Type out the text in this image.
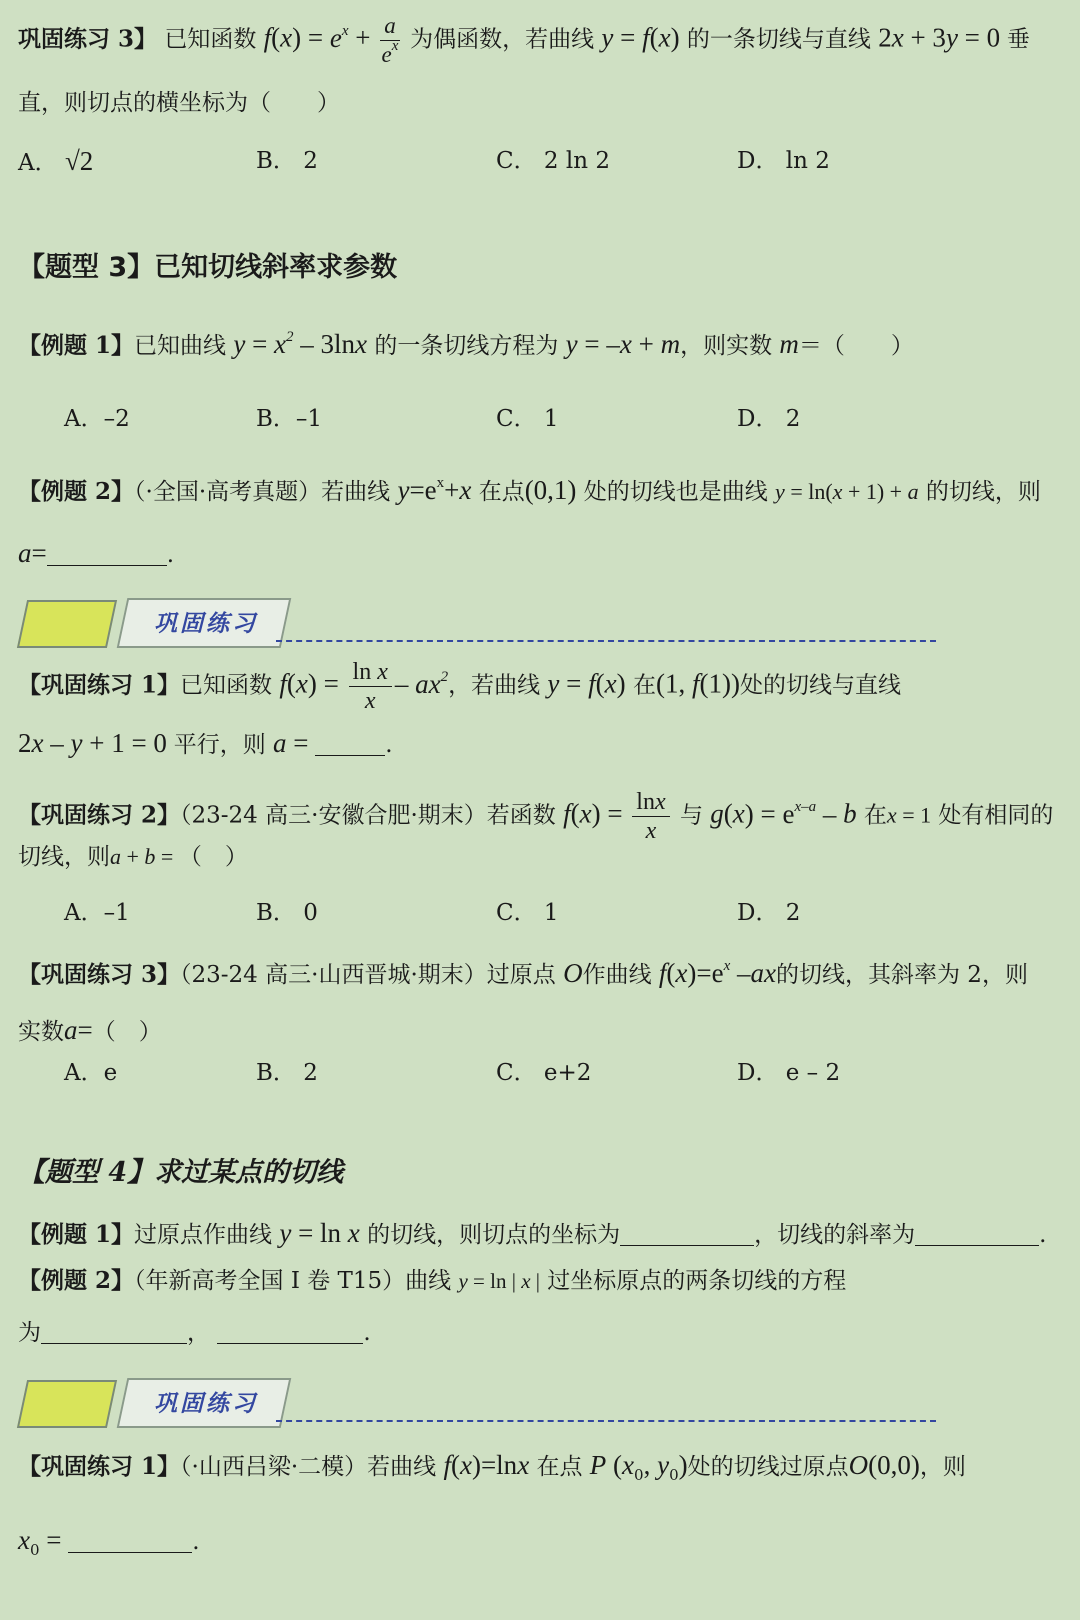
巩固练习 3】 已知函数 $f(x) = e^x + \frac{a}{e^x}$ 为偶函数，若曲线 y = f(x) 的一条切线与直线 2x + 3y = 0 垂
直，则切点的横坐标为（　　）
A． √2	B． 2	C． 2 ln 2	D． ln 2
【题型 3】已知切线斜率求参数
【例题 1】已知曲线 $y = x^2 - 3\ln x$ 的一条切线方程为 y = –x + m，则实数 m＝（　　）
A．–2	B．–1	C． 1	D． 2
【例题 2】（·全国·高考真题）若曲线 $y=e^x+x$ 在点(0,1) 处的切线也是曲线 y = ln(x + 1) + a 的切线，则
a=	.
巩固练习
【巩固练习 1】已知函数 $f(x) = \frac{\text{ln x}}{x} - ax^2$，若曲线 y = f(x) 在(1, f(1))处的切线与直线
2x – y + 1 = 0 平行，则 a =	.
【巩固练习 2】（23-24 高三·安徽合肥·期末）若函数 $f(x) = \frac{\ln x}{x}$ 与 $g(x) = e^{x-a} - b$ 在x = 1 处有相同的
切线，则a + b = （　）
A．–1	B． 0	C． 1	D． 2
【巩固练习 3】（23-24 高三·山西晋城·期末）过原点 O作曲线 $f(x)=e^x$ –ax的切线，其斜率为 2，则
实数a=（　）
A．e	B． 2	C． e+2	D． e – 2
【题型 4】求过某点的切线
【例题 1】过原点作曲线 y = ln x 的切线，则切点的坐标为	，切线的斜率为	.
【例题 2】（年新高考全国 I 卷 T15）曲线 y = ln | x | 过坐标原点的两条切线的方程
为	，	.
巩固练习
【巩固练习 1】（·山西吕梁·二模）若曲线 f(x)=lnx 在点 P ($x_0$, $y_0$)处的切线过原点O(0,0)，则
$x_0$ =	.
